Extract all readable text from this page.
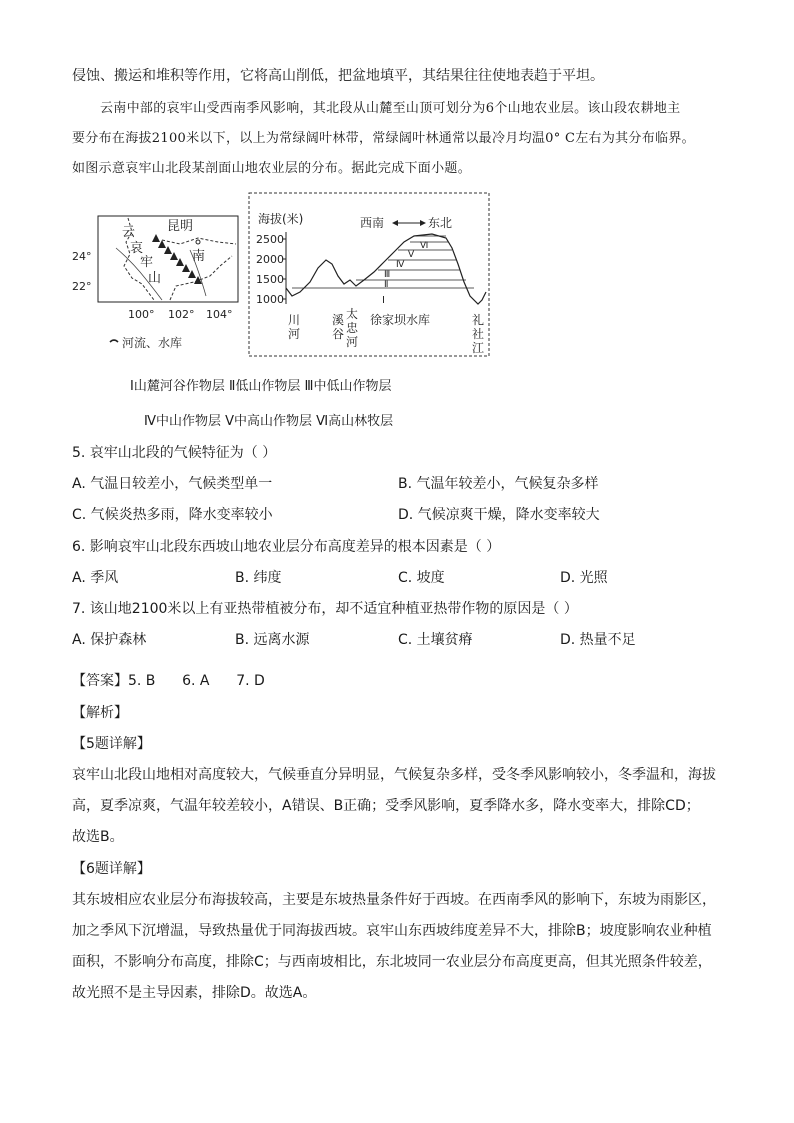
侵蚀、搬运和堆积等作用，它将高山削低，把盆地填平，其结果往往使地表趋于平坦。
云南中部的哀牢山受西南季风影响，其北段从山麓至山顶可划分为6个山地农业层。该山段农耕地主
要分布在海拔2100米以下，以上为常绿阔叶林带，常绿阔叶林通常以最冷月均温0° C左右为其分布临界。
如图示意哀牢山北段某剖面山地农业层的分布。据此完成下面小题。
云 昆明
哀
牢
山
南
24°
22°
100° 102° 104°
河流、水库
海拔(米)	西南	东北
2500
2000
1500
1000	Ⅰ
Ⅱ
Ⅲ
Ⅳ
Ⅴ
Ⅵ
川
河
溪
谷
太
忠
河
徐家坝水库	礼
社
江
Ⅰ山麓河谷作物层 Ⅱ低山作物层 Ⅲ中低山作物层
Ⅳ中山作物层 Ⅴ中高山作物层 Ⅵ高山林牧层
5. 哀牢山北段的气候特征为（ ）
A. 气温日较差小，气候类型单一	B. 气温年较差小，气候复杂多样
C. 气候炎热多雨，降水变率较小	D. 气候凉爽干燥，降水变率较大
6. 影响哀牢山北段东西坡山地农业层分布高度差异的根本因素是（ ）
A. 季风	B. 纬度	C. 坡度	D. 光照
7. 该山地2100米以上有亚热带植被分布，却不适宜种植亚热带作物的原因是（ ）
A. 保护森林	B. 远离水源	C. 土壤贫瘠	D. 热量不足
【答案】5. B      6. A      7. D
【解析】
【5题详解】
哀牢山北段山地相对高度较大，气候垂直分异明显，气候复杂多样，受冬季风影响较小，冬季温和，海拔
高，夏季凉爽，气温年较差较小，A错误、B正确；受季风影响，夏季降水多，降水变率大，排除CD；
故选B。
【6题详解】
其东坡相应农业层分布海拔较高，主要是东坡热量条件好于西坡。在西南季风的影响下，东坡为雨影区，
加之季风下沉增温，导致热量优于同海拔西坡。哀牢山东西坡纬度差异不大，排除B；坡度影响农业种植
面积，不影响分布高度，排除C；与西南坡相比，东北坡同一农业层分布高度更高，但其光照条件较差，
故光照不是主导因素，排除D。故选A。
